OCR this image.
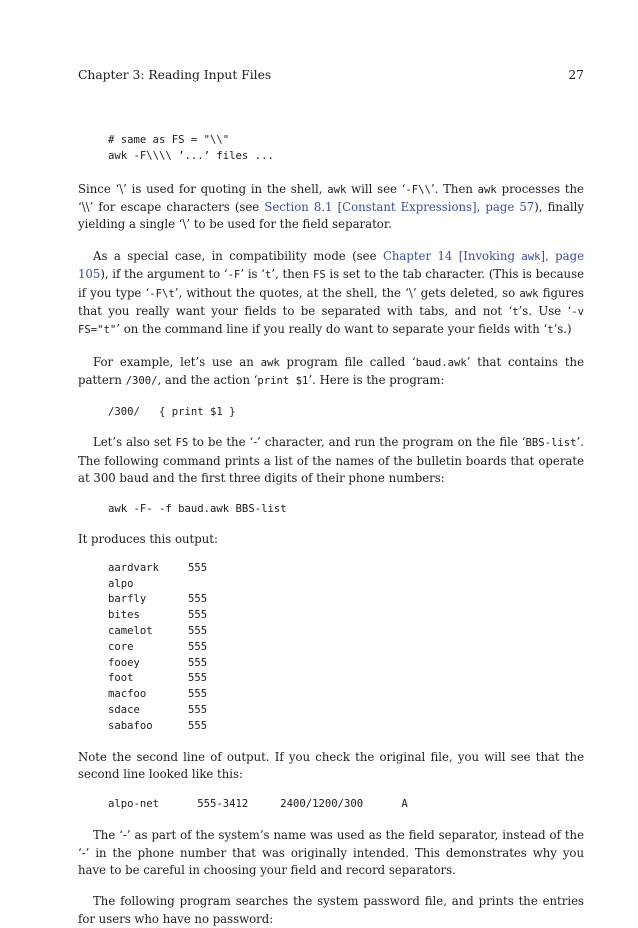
Chapter 3: Reading Input Files	27
# same as FS = "\\"
awk -F\\\\ ’...’ files ...

Since ‘\’ is used for quoting in the shell, awk will see ‘-F\\’. Then awk processes the ‘\\’ for escape characters (see Section 8.1 [Constant Expressions], page 57), finally yielding a single ‘\’ to be used for the field separator.

As a special case, in compatibility mode (see Chapter 14 [Invoking awk], page 105), if the argument to ‘-F’ is ‘t’, then FS is set to the tab character. (This is because if you type ‘-F\t’, without the quotes, at the shell, the ‘\’ gets deleted, so awk figures that you really want your fields to be separated with tabs, and not ‘t’s. Use ‘-v FS="t"’ on the command line if you really do want to separate your fields with ‘t’s.)

For example, let’s use an awk program file called ‘baud.awk’ that contains the pattern /300/, and the action ‘print $1’. Here is the program:

/300/   { print $1 }

Let’s also set FS to be the ‘-’ character, and run the program on the file ‘BBS-list’. The following command prints a list of the names of the bulletin boards that operate at 300 baud and the first three digits of their phone numbers:

awk -F- -f baud.awk BBS-list

It produces this output:

aardvark	555
alpo
barfly	555
bites	555
camelot	555
core	555
fooey	555
foot	555
macfoo	555
sdace	555
sabafoo	555

Note the second line of output. If you check the original file, you will see that the second line looked like this:

alpo-net      555-3412     2400/1200/300      A

The ‘-’ as part of the system’s name was used as the field separator, instead of the ‘-’ in the phone number that was originally intended. This demonstrates why you have to be careful in choosing your field and record separators.

The following program searches the system password file, and prints the entries for users who have no password:
